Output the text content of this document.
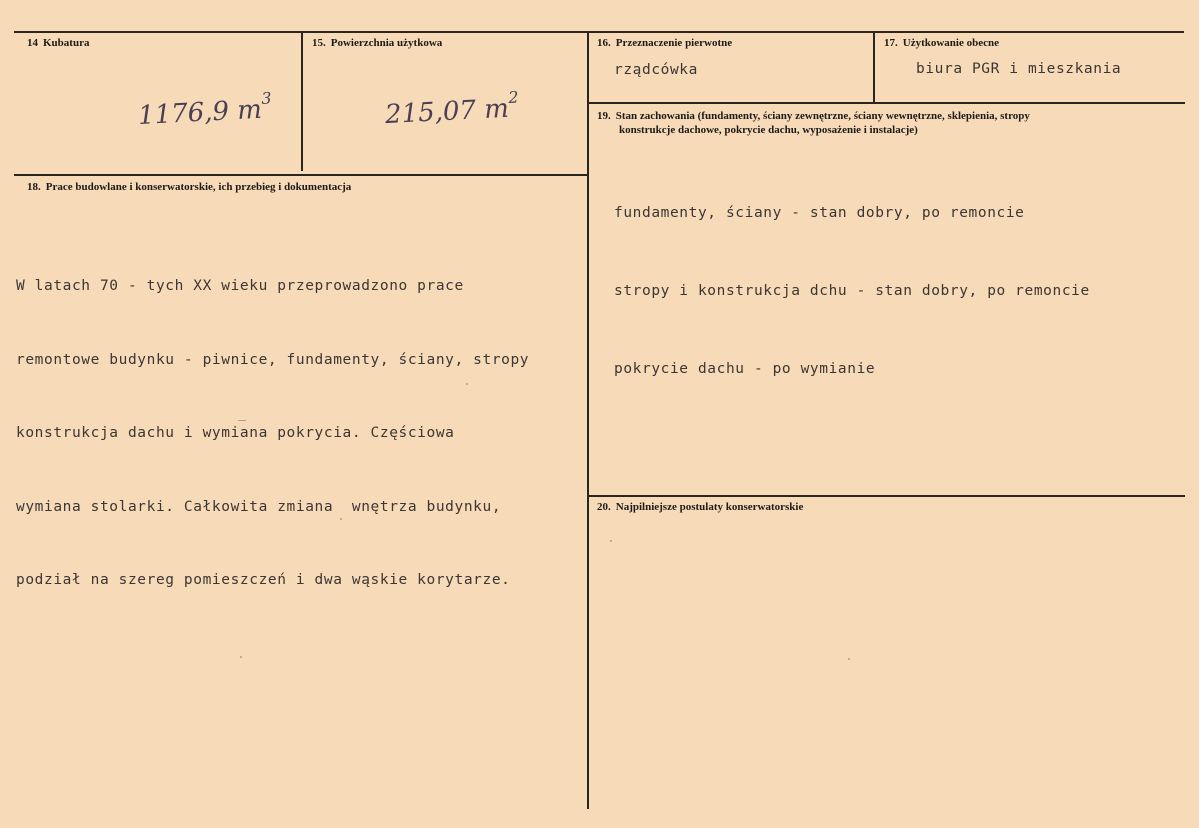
14 Kubatura
1176,9 $m^3$
15. Powierzchnia użytkowa
215,07 $m^2$
16. Przeznaczenie pierwotne
rządcówka
17. Użytkowanie obecne
biura PGR i mieszkania
18. Prace budowlane i konserwatorskie, ich przebieg i dokumentacja

W latach 70 - tych XX wieku przeprowadzono prace

remontowe budynku - piwnice, fundamenty, ściany, stropy

konstrukcja dachu i wymiana pokrycia. Częściowa

wymiana stolarki. Całkowita zmiana  wnętrza budynku,

podział na szereg pomieszczeń i dwa wąskie korytarze.

19. Stan zachowania (fundamenty, ściany zewnętrzne, ściany wewnętrzne, sklepienia, stropy
konstrukcje dachowe, pokrycie dachu, wyposażenie i instalacje)

fundamenty, ściany - stan dobry, po remoncie

stropy i konstrukcja dchu - stan dobry, po remoncie

pokrycie dachu - po wymianie

20. Najpilniejsze postulaty konserwatorskie
